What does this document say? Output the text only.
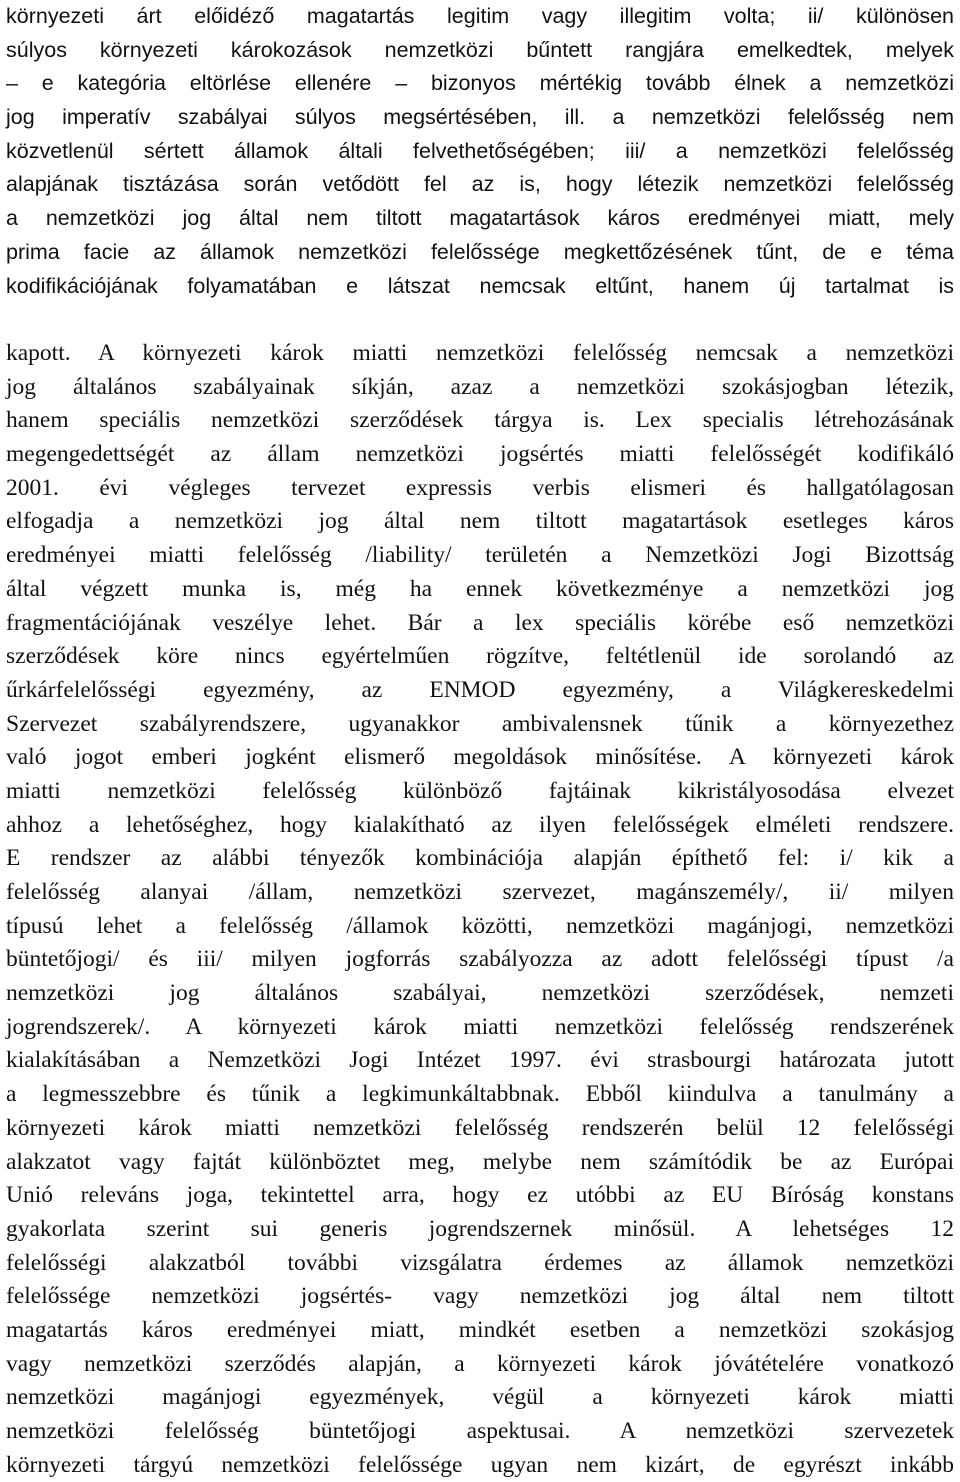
környezeti árt előidéző magatartás legitim vagy illegitim volta; ii/ különösen
súlyos környezeti károkozások nemzetközi bűntett rangjára emelkedtek, melyek
– e kategória eltörlése ellenére – bizonyos mértékig tovább élnek a nemzetközi
jog imperatív szabályai súlyos megsértésében, ill. a nemzetközi felelősség nem
közvetlenül sértett államok általi felvethetőségében; iii/ a nemzetközi felelősség
alapjának tisztázása során vetődött fel az is, hogy létezik nemzetközi felelősség
a nemzetközi jog által nem tiltott magatartások káros eredményei miatt, mely
prima facie az államok nemzetközi felelőssége megkettőzésének tűnt, de e téma
kodifikációjának folyamatában e látszat nemcsak eltűnt, hanem új tartalmat is
kapott. A környezeti károk miatti nemzetközi felelősség nemcsak a nemzetközi
jog általános szabályainak síkján, azaz a nemzetközi szokásjogban létezik,
hanem speciális nemzetközi szerződések tárgya is. Lex specialis létrehozásának
megengedettségét az állam nemzetközi jogsértés miatti felelősségét kodifikáló
2001. évi végleges tervezet expressis verbis elismeri és hallgatólagosan
elfogadja a nemzetközi jog által nem tiltott magatartások esetleges káros
eredményei miatti felelősség /liability/ területén a Nemzetközi Jogi Bizottság
által végzett munka is, még ha ennek következménye a nemzetközi jog
fragmentációjának veszélye lehet. Bár a lex speciális körébe eső nemzetközi
szerződések köre nincs egyértelműen rögzítve, feltétlenül ide sorolandó az
űrkárfelelősségi egyezmény, az ENMOD egyezmény, a Világkereskedelmi
Szervezet szabályrendszere, ugyanakkor ambivalensnek tűnik a környezethez
való jogot emberi jogként elismerő megoldások minősítése. A környezeti károk
miatti nemzetközi felelősség különböző fajtáinak kikristályosodása elvezet
ahhoz a lehetőséghez, hogy kialakítható az ilyen felelősségek elméleti rendszere.
E rendszer az alábbi tényezők kombinációja alapján építhető fel: i/ kik a
felelősség alanyai /állam, nemzetközi szervezet, magánszemély/, ii/ milyen
típusú lehet a felelősség /államok közötti, nemzetközi magánjogi, nemzetközi
büntetőjogi/ és iii/ milyen jogforrás szabályozza az adott felelősségi típust /a
nemzetközi jog általános szabályai, nemzetközi szerződések, nemzeti
jogrendszerek/. A környezeti károk miatti nemzetközi felelősség rendszerének
kialakításában a Nemzetközi Jogi Intézet 1997. évi strasbourgi határozata jutott
a legmesszebbre és tűnik a legkimunkáltabbnak. Ebből kiindulva a tanulmány a
környezeti károk miatti nemzetközi felelősség rendszerén belül 12 felelősségi
alakzatot vagy fajtát különböztet meg, melybe nem számítódik be az Európai
Unió releváns joga, tekintettel arra, hogy ez utóbbi az EU Bíróság konstans
gyakorlata szerint sui generis jogrendszernek minősül. A lehetséges 12
felelősségi alakzatból további vizsgálatra érdemes az államok nemzetközi
felelőssége nemzetközi jogsértés- vagy nemzetközi jog által nem tiltott
magatartás káros eredményei miatt, mindkét esetben a nemzetközi szokásjog
vagy nemzetközi szerződés alapján, a környezeti károk jóvátételére vonatkozó
nemzetközi magánjogi egyezmények, végül a környezeti károk miatti
nemzetközi felelősség büntetőjogi aspektusai. A nemzetközi szervezetek
környezeti tárgyú nemzetközi felelőssége ugyan nem kizárt, de egyrészt inkább
